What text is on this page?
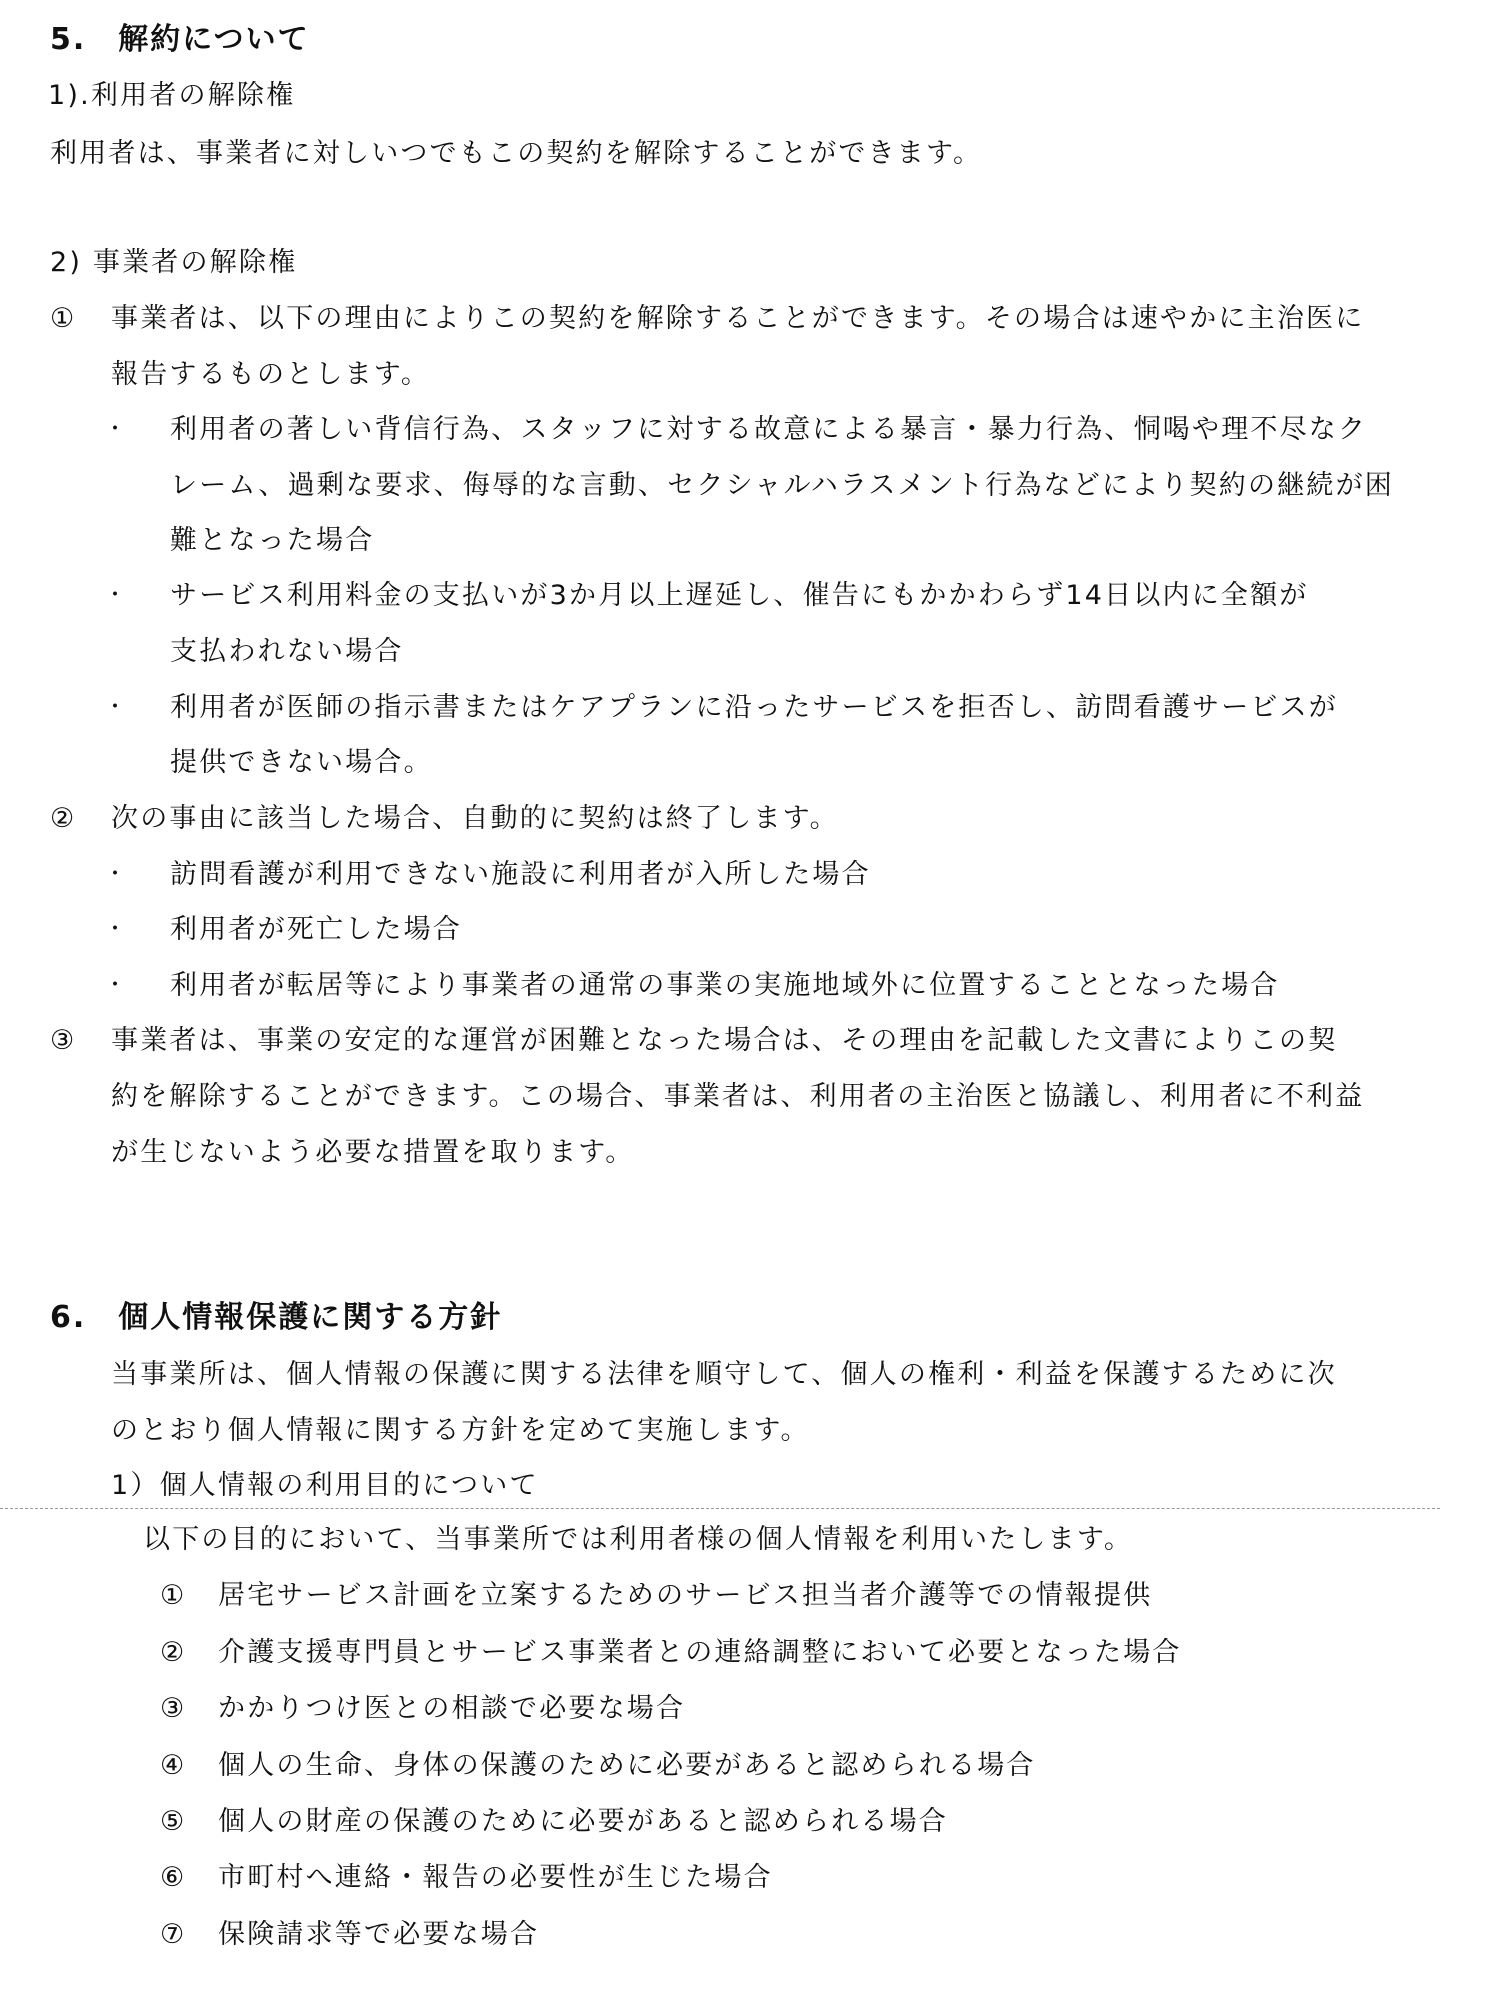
5.　解約について
1).利用者の解除権
利用者は、事業者に対しいつでもこの契約を解除することができます。
2) 事業者の解除権
① 事業者は、以下の理由によりこの契約を解除することができます。その場合は速やかに主治医に
報告するものとします。
・ 利用者の著しい背信行為、スタッフに対する故意による暴言・暴力行為、恫喝や理不尽なク
レーム、過剰な要求、侮辱的な言動、セクシャルハラスメント行為などにより契約の継続が困
難となった場合
・ サービス利用料金の支払いが3か月以上遅延し、催告にもかかわらず14日以内に全額が
支払われない場合
・ 利用者が医師の指示書またはケアプランに沿ったサービスを拒否し、訪問看護サービスが
提供できない場合。
② 次の事由に該当した場合、自動的に契約は終了します。
・ 訪問看護が利用できない施設に利用者が入所した場合
・ 利用者が死亡した場合
・ 利用者が転居等により事業者の通常の事業の実施地域外に位置することとなった場合
③ 事業者は、事業の安定的な運営が困難となった場合は、その理由を記載した文書によりこの契
約を解除することができます。この場合、事業者は、利用者の主治医と協議し、利用者に不利益
が生じないよう必要な措置を取ります。
6.　個人情報保護に関する方針
当事業所は、個人情報の保護に関する法律を順守して、個人の権利・利益を保護するために次
のとおり個人情報に関する方針を定めて実施します。
1）個人情報の利用目的について
以下の目的において、当事業所では利用者様の個人情報を利用いたします。
① 居宅サービス計画を立案するためのサービス担当者介護等での情報提供
② 介護支援専門員とサービス事業者との連絡調整において必要となった場合
③ かかりつけ医との相談で必要な場合
④ 個人の生命、身体の保護のために必要があると認められる場合
⑤ 個人の財産の保護のために必要があると認められる場合
⑥ 市町村へ連絡・報告の必要性が生じた場合
⑦ 保険請求等で必要な場合
